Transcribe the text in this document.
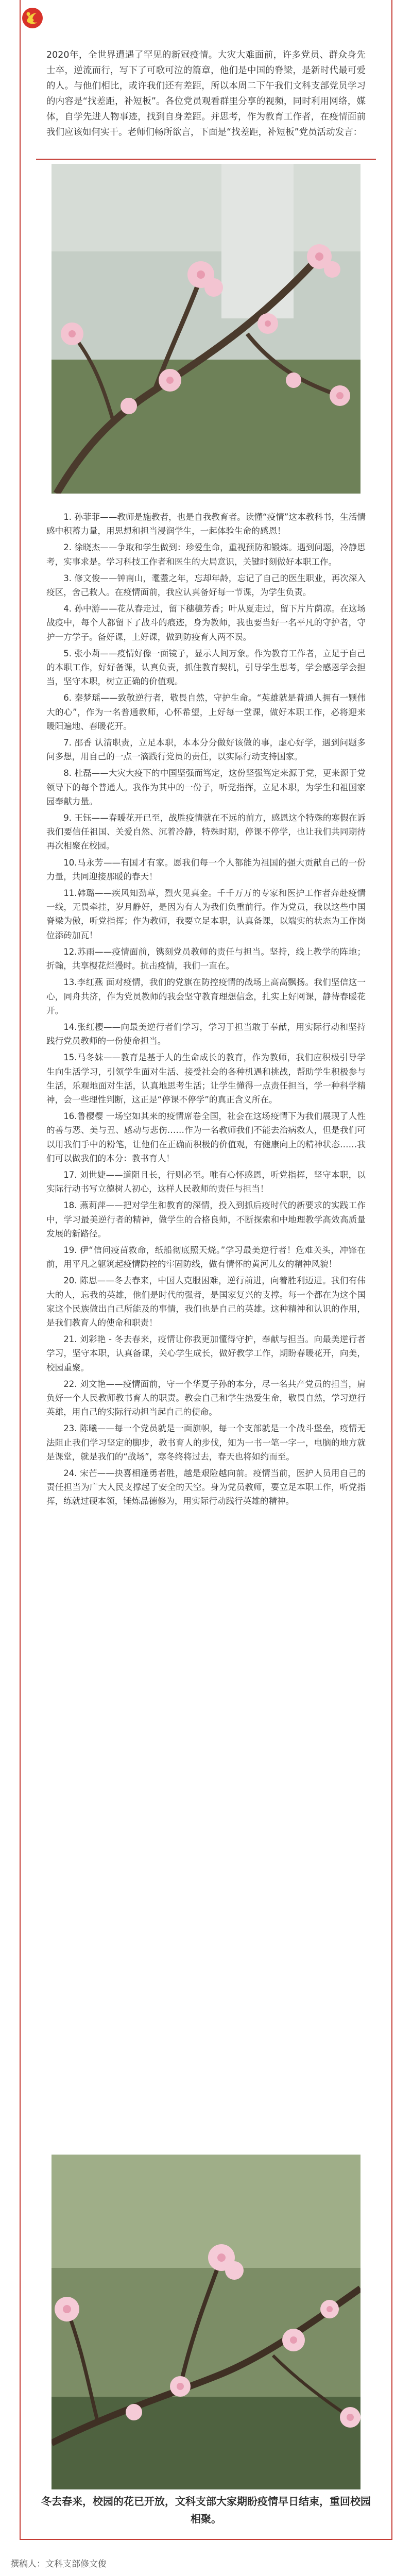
2020年，全世界遭遇了罕见的新冠疫情。大灾大难面前，许多党员、群众身先士卒，逆流而行，写下了可歌可泣的篇章，他们是中国的脊梁，是新时代最可爱的人。与他们相比，或许我们还有差距，所以本周二下午我们文科支部党员学习的内容是“找差距，补短板”。各位党员观看群里分享的视频，同时利用网络，媒体，自学先进人物事迹，找到自身差距。并思考，作为教育工作者，在疫情面前我们应该如何实干。老师们畅所欲言，下面是“找差距，补短板”党员活动发言：

1. 孙菲菲——教师是施教者，也是自我教育者。读懂“疫情”这本教科书，生活情感中积蓄力量，用思想和担当浸润学生，一起体验生命的感恩！
2. 徐晓杰——争取和学生做到：珍爱生命，重视预防和锻炼。遇到问题，冷静思考，实事求是。学习科技工作者和医生的大局意识，关键时刻做好本职工作。
3. 修文俊——钟南山，耄耋之年，忘却年龄，忘记了自己的医生职业，再次深入疫区，舍己救人。在疫情面前，我应认真备好每一节课，为学生负责。
4. 孙中游——花从春走过，留下穗穗芳香；叶从夏走过，留下片片荫凉。在这场战疫中，每个人都留下了战斗的痕迹，身为教师，我也要当好一名平凡的守护者，守护一方学子。备好课，上好课，做到防疫育人两不误。
5. 张小莉——疫情好像一面镜子，显示人间万象。作为教育工作者，立足于自己的本职工作，好好备课，认真负责，抓住教育契机，引导学生思考，学会感恩学会担当，坚守本职，树立正确的价值观。
6. 秦梦瑶——致敬逆行者，敬畏自然，守护生命。“英雄就是普通人拥有一颗伟大的心”，作为一名普通教师，心怀希望，上好每一堂课，做好本职工作，必将迎来暖阳遍地、春暖花开。
7. 邵香 认清职责，立足本职，本本分分做好该做的事，虚心好学，遇到问题多问多想，用自己的一点一滴践行党员的责任，以实际行动支持国家。
8. 杜磊——大灾大疫下的中国坚强而笃定，这份坚强笃定来源于党，更来源于党领导下的每个普通人。我作为其中的一份子，听党指挥，立足本职，为学生和祖国家园奉献力量。
9. 王钰——春暖花开已至，战胜疫情就在不远的前方，感恩这个特殊的寒假在诉我们要信任祖国、关爱自然、沉着冷静，特殊时期，停课不停学，也让我们共同期待再次相聚在校园。
10.马永芳——有国才有家。愿我们每一个人都能为祖国的强大贡献自己的一份力量，共同迎接那暖的春天！
11.韩璐——疾风知劲草，烈火见真金。千千万万的专家和医护工作者奔赴疫情一线，无畏牵挂，岁月静好，是因为有人为我们负重前行。作为党员，我以这些中国脊梁为傲，听党指挥；作为教师，我要立足本职，认真备课，以端实的状态为工作岗位添砖加瓦！
12.苏雨——疫情面前，镌刻党员教师的责任与担当。坚持，线上教学的阵地；折翰，共享樱花烂漫时。抗击疫情，我们一直在。
13.李红燕 面对疫情，我们的党旗在防控疫情的战场上高高飘扬。我们坚信这一心，同舟共济，作为党员教师的我会坚守教育理想信念，扎实上好网课，静待春暖花开。
14.张红樱——向最美逆行者们学习，学习于担当敢于奉献，用实际行动和坚持践行党员教师的一份使命担当。
15.马冬妹——教育是基于人的生命成长的教育，作为教师，我们应积极引导学生向生活学习，引领学生面对生活、接受社会的各种机遇和挑战，帮助学生积极参与生活，乐观地面对生活，认真地思考生活；让学生懂得一点责任担当，学一种科学精神，会一些理性判断，这正是“停课不停学”的真正含义所在。
16.鲁樱樱 一场空如其来的疫情席卷全国，社会在这场疫情下为我们展现了人性的善与恶、美与丑、感动与悲伤……作为一名教师我们不能去治病救人，但是我们可以用我们手中的粉笔，让他们在正确而积极的价值观，有健康向上的精神状态……我们可以做我们的本分：教书育人！
17. 刘世婕——道阻且长，行则必至。唯有心怀感恩，听党指挥，坚守本职，以实际行动书写立德树人初心，这样人民教师的责任与担当！
18. 燕莉萍——把对学生和教育的深情，投入到抓后疫时代的新要求的实践工作中，学习最美逆行者的精神，做学生的合格良师，不断探索和中地理教学高效高质量发展的新路径。
19. 伊“信问疫苗救命，纸船彻底照天烧。”学习最美逆行者！危难关头，冲锋在前，用平凡之躯筑起疫情防控的牢固防线，做有情怀的黄河儿女的精神风貌！
20. 陈思——冬去春来，中国人克服困难，逆行前进，向着胜利迈进。我们有伟大的人，忘我的英雄，他们是时代的强者，是国家复兴的支撑。每一个都在为这个国家这个民族做出自己所能及的事情，我们也是自己的英雄。这种精神和认识的作用，是我们教育人的使命和职责！
21. 刘彩艳 - 冬去春来，疫情让你我更加懂得守护，奉献与担当。向最美逆行者学习，坚守本职，认真备课，关心学生成长，做好教学工作，期盼春暖花开，向美，校园重聚。
22. 刘文艳——疫情面前，守一个华夏子孙的本分，尽一名共产党员的担当，肩负好一个人民教师教书育人的职责。教会自己和学生热爱生命，敬畏自然，学习逆行英雄，用自己的实际行动担当起自己的使命。
23. 陈曦——每一个党员就是一面旗帜，每一个支部就是一个战斗堡垒，疫情无法阻止我们学习坚定的脚步，教书育人的步伐，知为一书一笔一字一，电脑的地方就是课堂，就是我们的“战场”，寒冬终将过去，春天也将如约而至。
24. 宋芒——抉喜相逢勇者胜，越是艰险越向前。疫情当前，医护人员用自己的责任担当为广大人民支撑起了安全的天空。身为党员教师，要立足本职工作，听党指挥，练就过硬本领，锤炼品德修为，用实际行动践行英雄的精神。
冬去春来，校园的花已开放，文科支部大家期盼疫情早日结束，重回校园相聚。
撰稿人：文科支部修文俊
